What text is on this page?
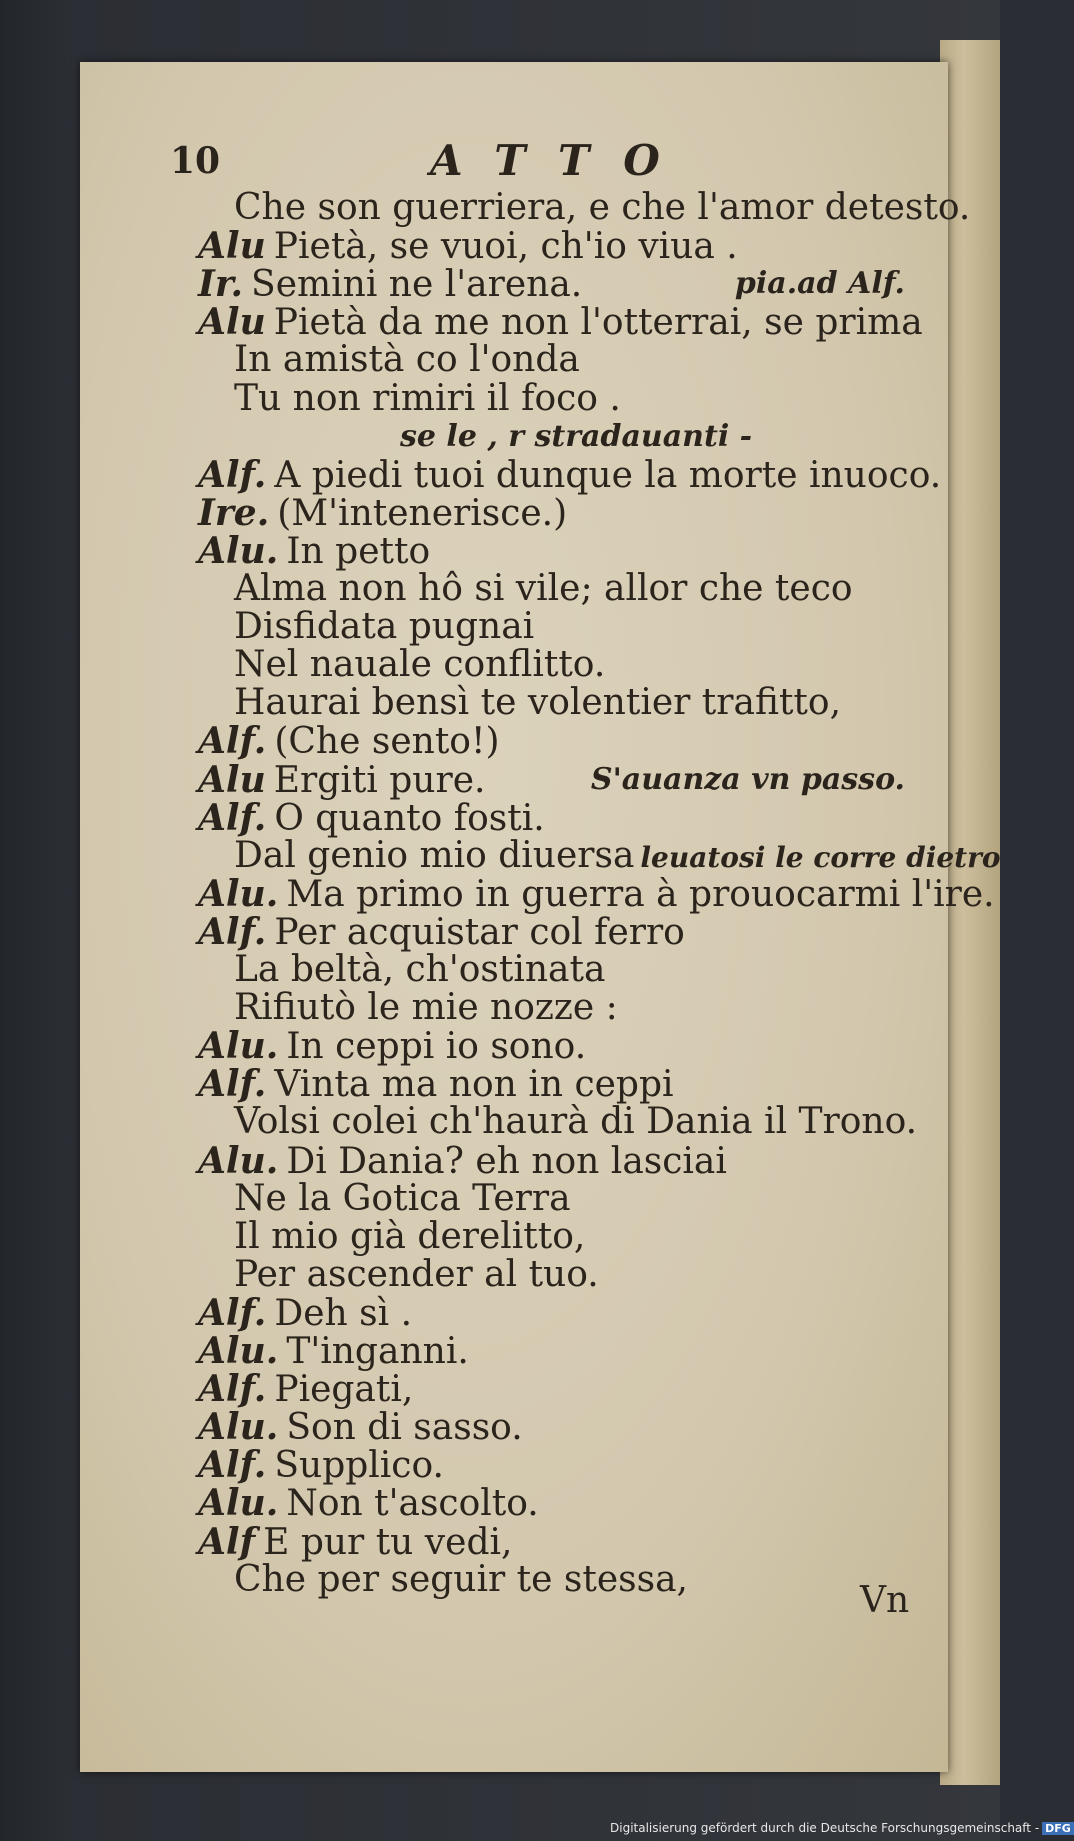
10	ATTO
Che son guerriera, e che l'amor detesto.
Alu Pietà, se vuoi, ch'io viua .
Ir. Semini ne l'arena.	pia.ad Alf.
Alu Pietà da me non l'otterrai, se prima
In amistà co l'onda
Tu non rimiri il foco .
se le , r stradauanti -
Alf. A piedi tuoi dunque la morte inuoco.
Ire. (M'intenerisce.)
Alu. In petto
Alma non hô si vile; allor che teco
Disfidata pugnai
Nel nauale conflitto.
Haurai bensì te volentier trafitto,
Alf. (Che sento!)
Alu Ergiti pure.	S'auanza vn passo.
Alf. O quanto fosti.
Dal genio mio diuersa leuatosi le corre dietro
Alu. Ma primo in guerra à prouocarmi l'ire.
Alf. Per acquistar col ferro
La beltà, ch'ostinata
Rifiutò le mie nozze :
Alu. In ceppi io sono.
Alf. Vinta ma non in ceppi
Volsi colei ch'haurà di Dania il Trono.
Alu. Di Dania? eh non lasciai
Ne la Gotica Terra
Il mio già derelitto,
Per ascender al tuo.
Alf. Deh sì .
Alu. T'inganni.
Alf. Piegati,
Alu. Son di sasso.
Alf. Supplico.
Alu. Non t'ascolto.
Alf E pur tu vedi,
Che per seguir te stessa,
Vn
Digitalisierung gefördert durch die Deutsche Forschungsgemeinschaft - DFG
